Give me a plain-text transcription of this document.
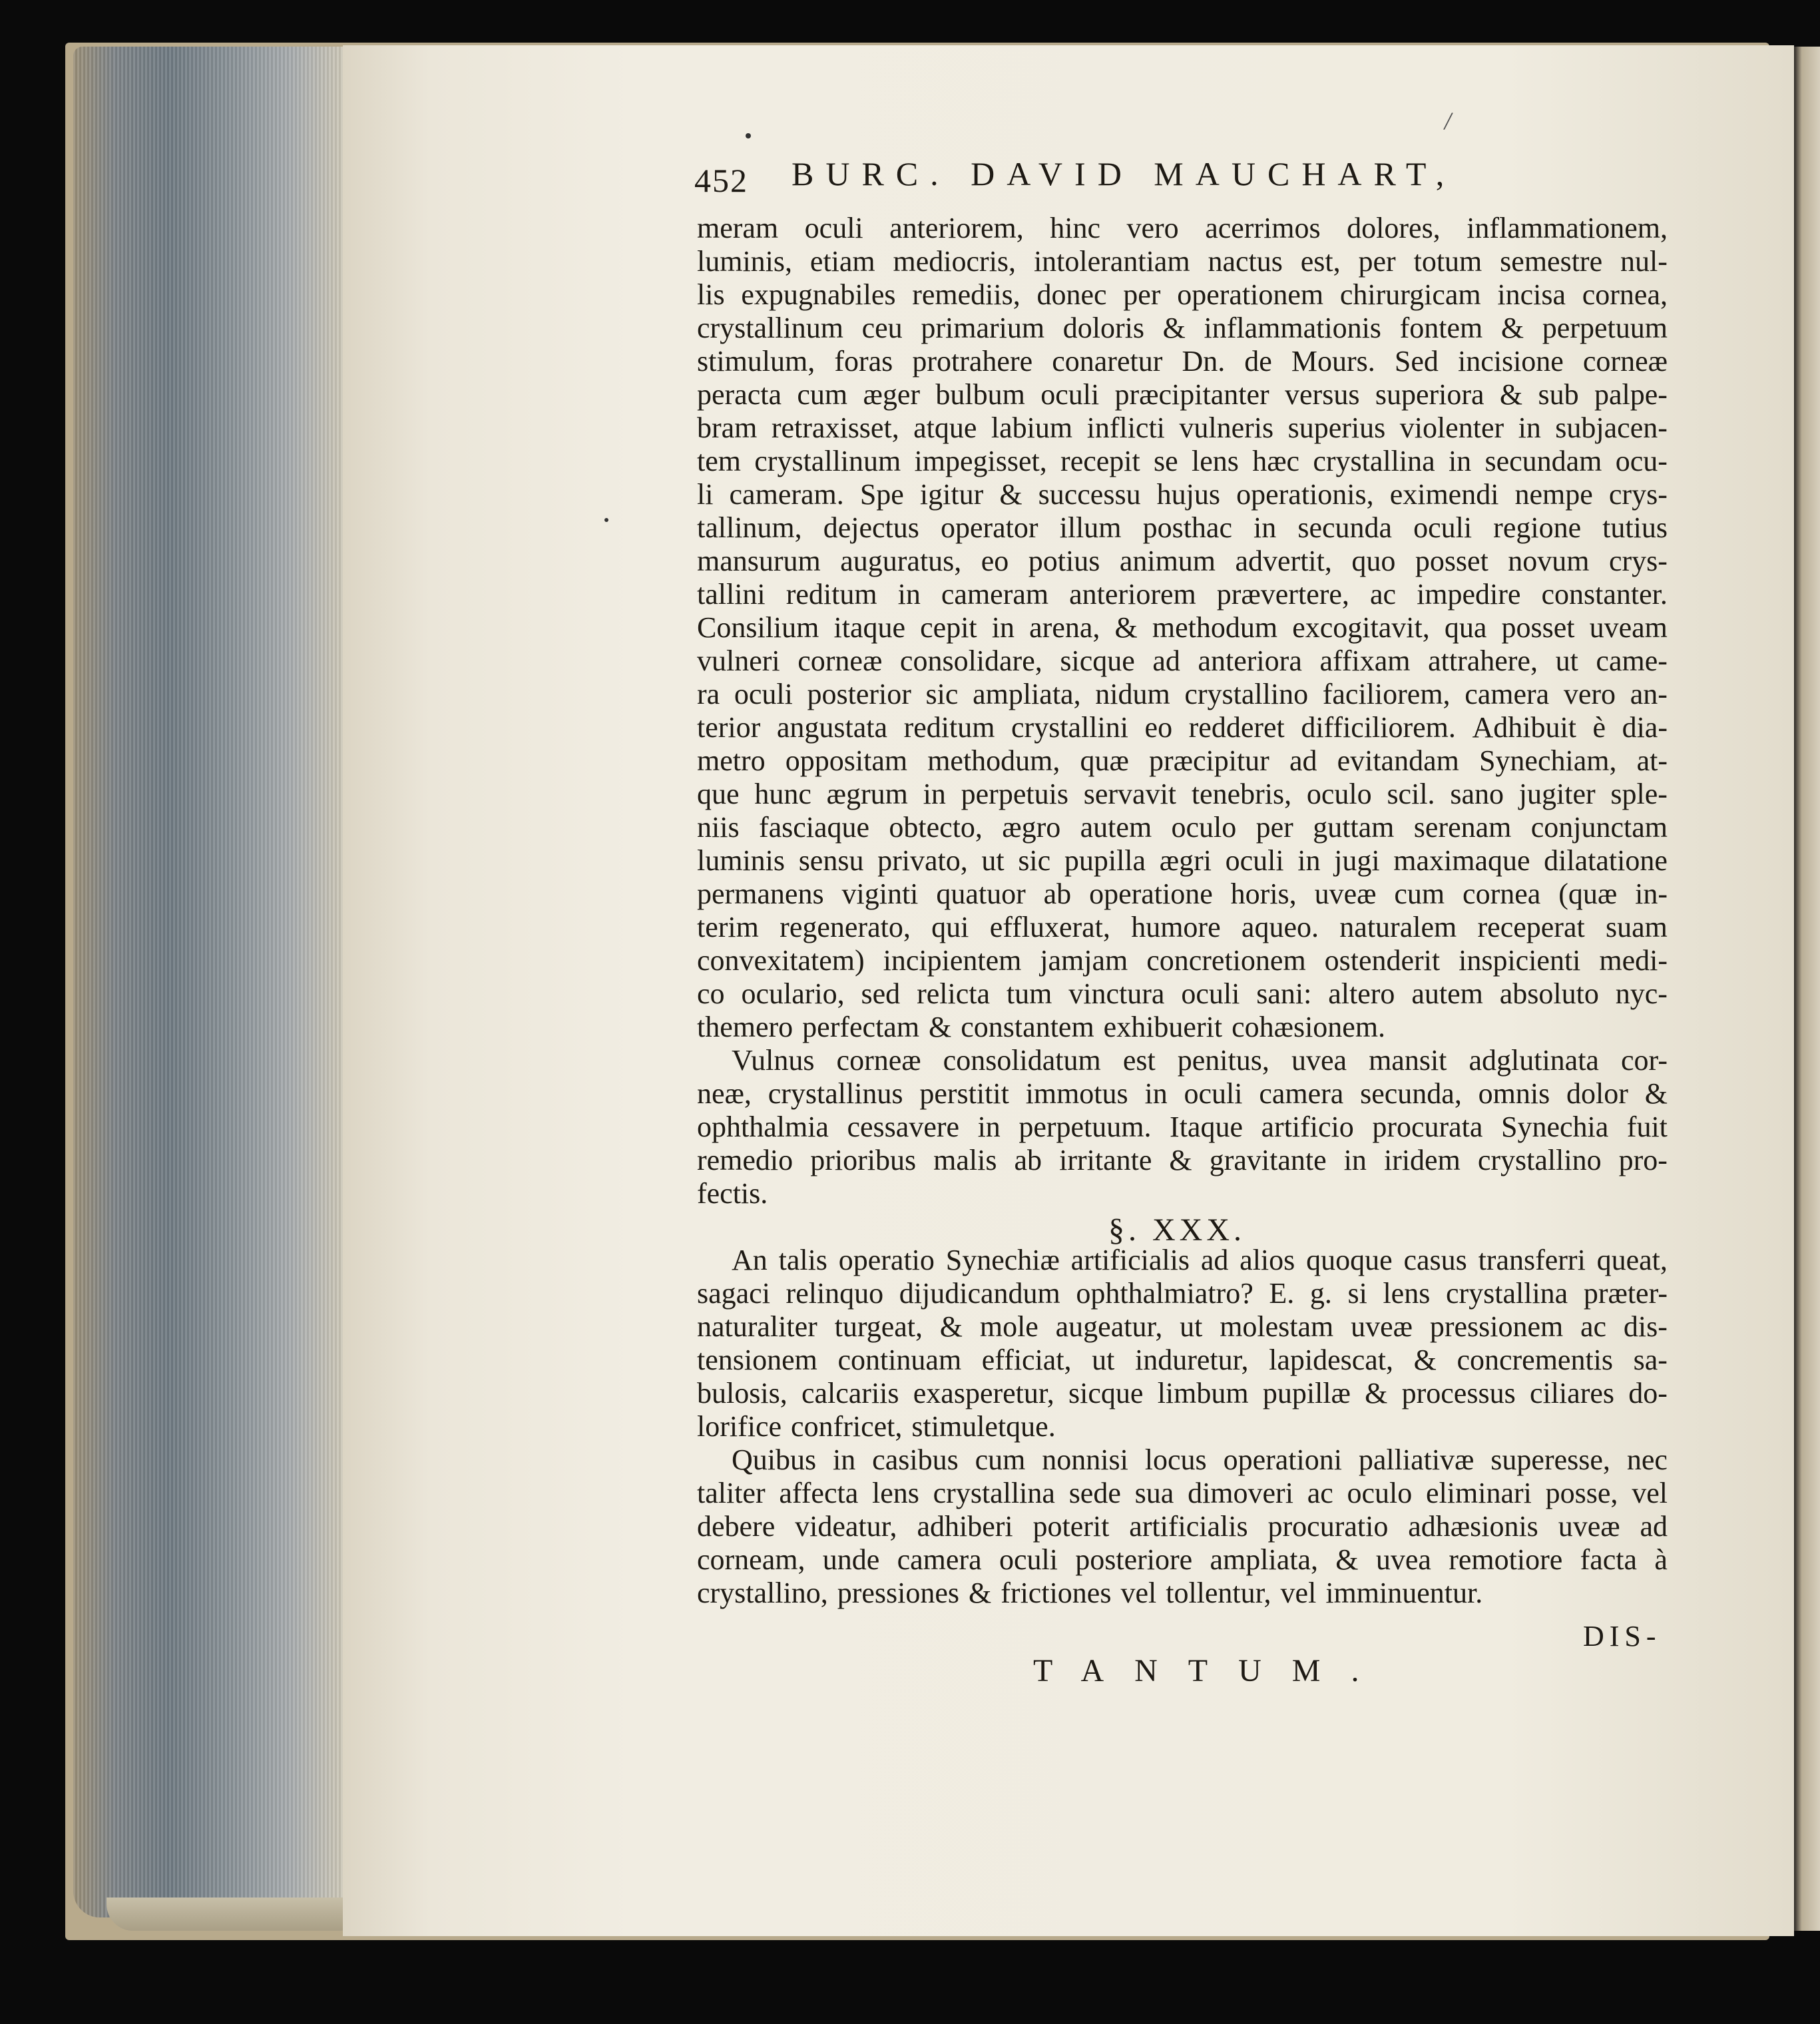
/
452 BURC. DAVID MAUCHART,
meram oculi anteriorem, hinc vero acerrimos dolores, inflammationem,
luminis, etiam mediocris, intolerantiam nactus est, per totum semestre nul-
lis expugnabiles remediis, donec per operationem chirurgicam incisa cornea,
crystallinum ceu primarium doloris & inflammationis fontem & perpetuum
stimulum, foras protrahere conaretur Dn. de Mours. Sed incisione corneæ
peracta cum æger bulbum oculi præcipitanter versus superiora & sub palpe-
bram retraxisset, atque labium inflicti vulneris superius violenter in subjacen-
tem crystallinum impegisset, recepit se lens hæc crystallina in secundam ocu-
li cameram. Spe igitur & successu hujus operationis, eximendi nempe crys-
tallinum, dejectus operator illum posthac in secunda oculi regione tutius
mansurum auguratus, eo potius animum advertit, quo posset novum crys-
tallini reditum in cameram anteriorem prævertere, ac impedire constanter.
Consilium itaque cepit in arena, & methodum excogitavit, qua posset uveam
vulneri corneæ consolidare, sicque ad anteriora affixam attrahere, ut came-
ra oculi posterior sic ampliata, nidum crystallino faciliorem, camera vero an-
terior angustata reditum crystallini eo redderet difficiliorem. Adhibuit è dia-
metro oppositam methodum, quæ præcipitur ad evitandam Synechiam, at-
que hunc ægrum in perpetuis servavit tenebris, oculo scil. sano jugiter sple-
niis fasciaque obtecto, ægro autem oculo per guttam serenam conjunctam
luminis sensu privato, ut sic pupilla ægri oculi in jugi maximaque dilatatione
permanens viginti quatuor ab operatione horis, uveæ cum cornea (quæ in-
terim regenerato, qui effluxerat, humore aqueo. naturalem receperat suam
convexitatem) incipientem jamjam concretionem ostenderit inspicienti medi-
co oculario, sed relicta tum vinctura oculi sani: altero autem absoluto nyc-
themero perfectam & constantem exhibuerit cohæsionem.
Vulnus corneæ consolidatum est penitus, uvea mansit adglutinata cor-
neæ, crystallinus perstitit immotus in oculi camera secunda, omnis dolor &
ophthalmia cessavere in perpetuum. Itaque artificio procurata Synechia fuit
remedio prioribus malis ab irritante & gravitante in iridem crystallino pro-
fectis.
An talis operatio Synechiæ artificialis ad alios quoque casus transferri queat,
sagaci relinquo dijudicandum ophthalmiatro? E. g. si lens crystallina præter-
naturaliter turgeat, & mole augeatur, ut molestam uveæ pressionem ac dis-
tensionem continuam efficiat, ut induretur, lapidescat, & concrementis sa-
bulosis, calcariis exasperetur, sicque limbum pupillæ & processus ciliares do-
lorifice confricet, stimuletque.
Quibus in casibus cum nonnisi locus operationi palliativæ superesse, nec
taliter affecta lens crystallina sede sua dimoveri ac oculo eliminari posse, vel
debere videatur, adhiberi poterit artificialis procuratio adhæsionis uveæ ad
corneam, unde camera oculi posteriore ampliata, & uvea remotiore facta à
crystallino, pressiones & frictiones vel tollentur, vel imminuentur.
§. XXX.
DIS-
TANTUM.
